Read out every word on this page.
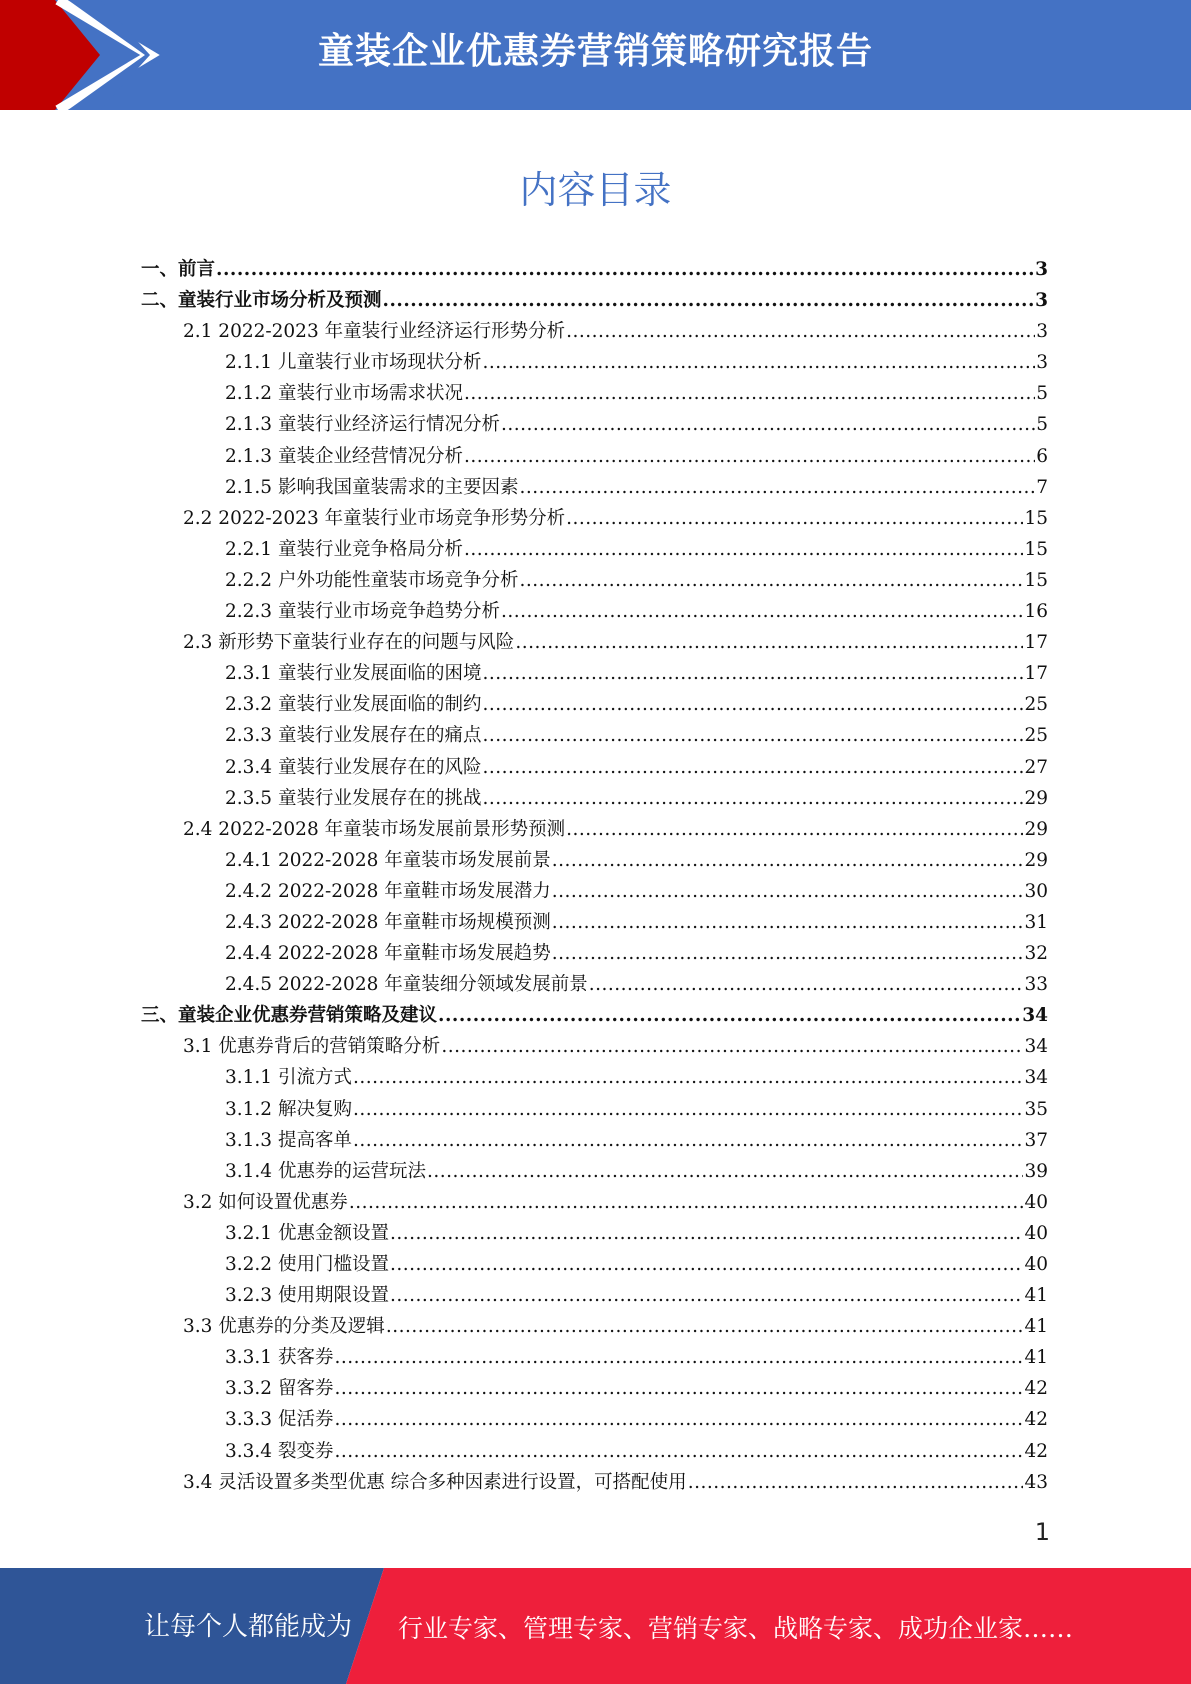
童装企业优惠券营销策略研究报告
内容目录
一、前言 .....	3
二、童装行业市场分析及预测 .....	3
2.1 2022-2023 年童装行业经济运行形势分析 .....	3
2.1.1 儿童装行业市场现状分析 .....	3
2.1.2 童装行业市场需求状况 .....	5
2.1.3 童装行业经济运行情况分析 .....	5
2.1.3 童装企业经营情况分析 .....	6
2.1.5 影响我国童装需求的主要因素 .....	7
2.2 2022-2023 年童装行业市场竞争形势分析 .....	15
2.2.1 童装行业竞争格局分析 .....	15
2.2.2 户外功能性童装市场竞争分析 .....	15
2.2.3 童装行业市场竞争趋势分析 .....	16
2.3 新形势下童装行业存在的问题与风险 .....	17
2.3.1 童装行业发展面临的困境 .....	17
2.3.2 童装行业发展面临的制约 .....	25
2.3.3 童装行业发展存在的痛点 .....	25
2.3.4 童装行业发展存在的风险 .....	27
2.3.5 童装行业发展存在的挑战 .....	29
2.4 2022-2028 年童装市场发展前景形势预测 .....	29
2.4.1 2022-2028 年童装市场发展前景 .....	29
2.4.2 2022-2028 年童鞋市场发展潜力 .....	30
2.4.3 2022-2028 年童鞋市场规模预测 .....	31
2.4.4 2022-2028 年童鞋市场发展趋势 .....	32
2.4.5 2022-2028 年童装细分领域发展前景 .....	33
三、童装企业优惠券营销策略及建议 .....	34
3.1 优惠券背后的营销策略分析 .....	34
3.1.1 引流方式 .....	34
3.1.2 解决复购 .....	35
3.1.3 提高客单 .....	37
3.1.4 优惠券的运营玩法 .....	39
3.2 如何设置优惠券 .....	40
3.2.1 优惠金额设置 .....	40
3.2.2 使用门槛设置 .....	40
3.2.3 使用期限设置 .....	41
3.3 优惠券的分类及逻辑 .....	41
3.3.1 获客券 .....	41
3.3.2 留客券 .....	42
3.3.3 促活券 .....	42
3.3.4 裂变券 .....	42
3.4 灵活设置多类型优惠 综合多种因素进行设置，可搭配使用 .....	43
1
让每个人都能成为 行业专家、管理专家、营销专家、战略专家、成功企业家……
